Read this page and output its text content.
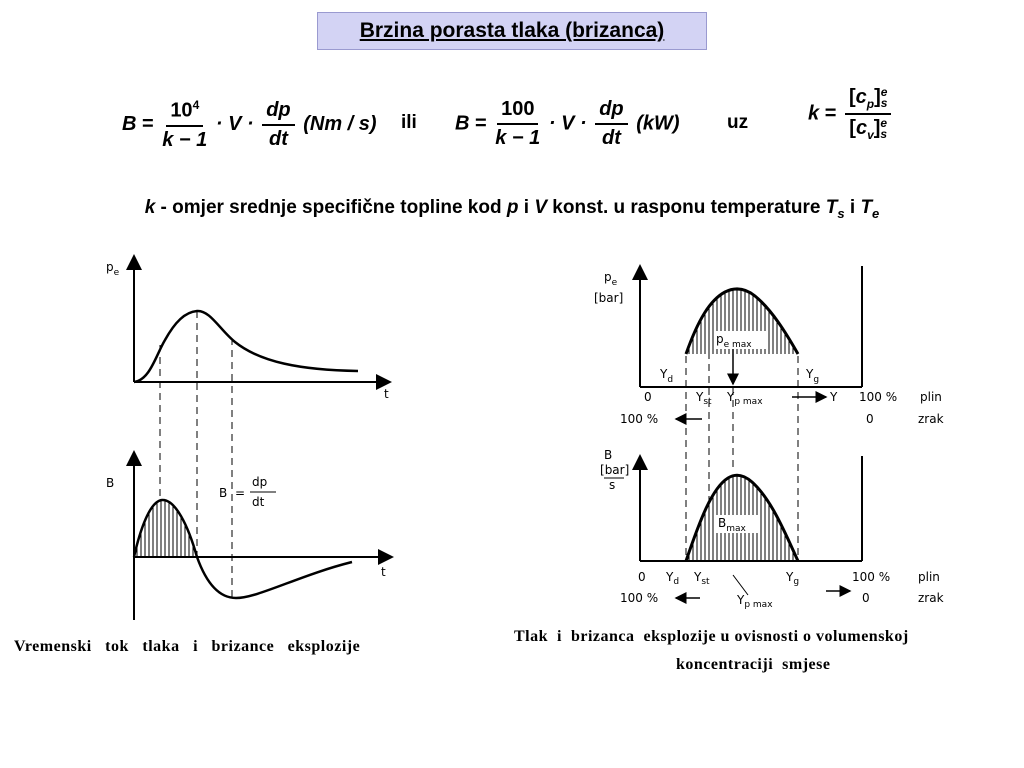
Brzina porasta tlaka (brizanca)
$B = \frac{10^4}{k - 1} \cdot V \cdot \frac{dp}{dt} (Nm / s)$ ili $B = \frac{100}{k - 1} \cdot V \cdot \frac{dp}{dt} (kW)$ uz	$k = [c_p]$ e
s
$[c_v]$ e
s
k - omjer srednje specifične topline kod p i V konst. u rasponu temperature $T_s$ i $T_e$
$p_e$
t
B
t
B =
dp
dt
$p_{e max}$
$p_e$
[bar]
$Y_d$	$Y_g$
0	$Y_{st}$ $Y_{p max}$	Y 100 % plin
100 %	0	zrak
$B_{max}$
B
[bar]
s
0 $Y_d$ $Y_{st}$	$Y_g$	100 % plin
100 %	$Y_{p max}$	0	zrak
Vremenski   tok   tlaka   i   brizance   eksplozije
Tlak  i  brizanca  eksplozije u ovisnosti o volumenskoj
koncentraciji  smjese
